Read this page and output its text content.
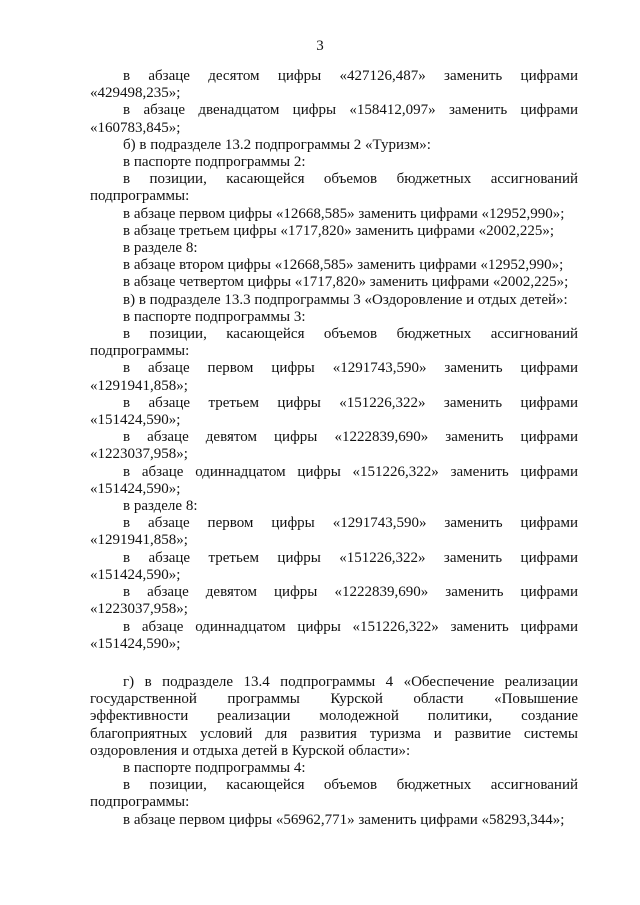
3

в абзаце десятом цифры «427126,487» заменить цифрами «429498,235»;

в абзаце двенадцатом цифры «158412,097» заменить цифрами «160783,845»;

б) в подразделе 13.2 подпрограммы 2 «Туризм»:

в паспорте подпрограммы 2:

в позиции, касающейся объемов бюджетных ассигнований подпрограммы:

в абзаце первом цифры «12668,585» заменить цифрами «12952,990»;

в абзаце третьем цифры «1717,820» заменить цифрами «2002,225»;

в разделе 8:

в абзаце втором цифры «12668,585» заменить цифрами «12952,990»;

в абзаце четвертом цифры «1717,820» заменить цифрами «2002,225»;

в) в подразделе 13.3 подпрограммы 3 «Оздоровление и отдых детей»:

в паспорте подпрограммы 3:

в позиции, касающейся объемов бюджетных ассигнований подпрограммы:

в абзаце первом цифры «1291743,590» заменить цифрами «1291941,858»;

в абзаце третьем цифры «151226,322» заменить цифрами «151424,590»;

в абзаце девятом цифры «1222839,690» заменить цифрами «1223037,958»;

в абзаце одиннадцатом цифры «151226,322» заменить цифрами «151424,590»;

в разделе 8:

в абзаце первом цифры «1291743,590» заменить цифрами «1291941,858»;

в абзаце третьем цифры «151226,322» заменить цифрами «151424,590»;

в абзаце девятом цифры «1222839,690» заменить цифрами «1223037,958»;

в абзаце одиннадцатом цифры «151226,322» заменить цифрами «151424,590»;

г) в подразделе 13.4 подпрограммы 4 «Обеспечение реализации
государственной программы Курской области «Повышение
эффективности реализации молодежной политики, создание
благоприятных условий для развития туризма и развитие системы
оздоровления и отдыха детей в Курской области»:

в паспорте подпрограммы 4:

в позиции, касающейся объемов бюджетных ассигнований подпрограммы:

в абзаце первом цифры «56962,771» заменить цифрами «58293,344»;
